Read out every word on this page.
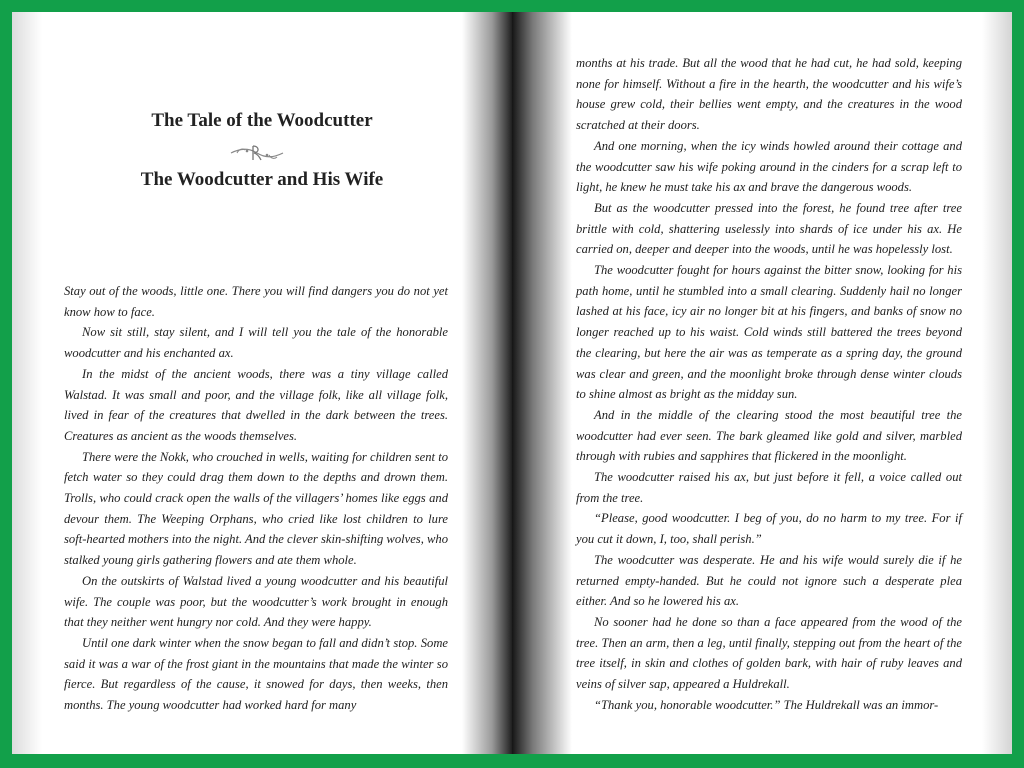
The Tale of the Woodcutter
The Woodcutter and His Wife

Stay out of the woods, little one. There you will find dangers you do not yet know how to face.

Now sit still, stay silent, and I will tell you the tale of the honorable woodcutter and his enchanted ax.

In the midst of the ancient woods, there was a tiny village called Walstad. It was small and poor, and the village folk, like all village folk, lived in fear of the creatures that dwelled in the dark between the trees. Creatures as ancient as the woods themselves.

There were the Nokk, who crouched in wells, waiting for children sent to fetch water so they could drag them down to the depths and drown them. Trolls, who could crack open the walls of the villagers’ homes like eggs and devour them. The Weeping Orphans, who cried like lost children to lure soft-hearted mothers into the night. And the clever skin-shifting wolves, who stalked young girls gathering flowers and ate them whole.

On the outskirts of Walstad lived a young woodcutter and his beautiful wife. The couple was poor, but the woodcutter’s work brought in enough that they neither went hungry nor cold. And they were happy.

Until one dark winter when the snow began to fall and didn’t stop. Some said it was a war of the frost giant in the mountains that made the winter so fierce. But regardless of the cause, it snowed for days, then weeks, then months. The young woodcutter had worked hard for many

months at his trade. But all the wood that he had cut, he had sold, keeping none for himself. Without a fire in the hearth, the woodcutter and his wife’s house grew cold, their bellies went empty, and the creatures in the wood scratched at their doors.

And one morning, when the icy winds howled around their cottage and the woodcutter saw his wife poking around in the cinders for a scrap left to light, he knew he must take his ax and brave the dangerous woods.

But as the woodcutter pressed into the forest, he found tree after tree brittle with cold, shattering uselessly into shards of ice under his ax. He carried on, deeper and deeper into the woods, until he was hopelessly lost.

The woodcutter fought for hours against the bitter snow, looking for his path home, until he stumbled into a small clearing. Suddenly hail no longer lashed at his face, icy air no longer bit at his fingers, and banks of snow no longer reached up to his waist. Cold winds still battered the trees beyond the clearing, but here the air was as temperate as a spring day, the ground was clear and green, and the moonlight broke through dense winter clouds to shine almost as bright as the midday sun.

And in the middle of the clearing stood the most beautiful tree the woodcutter had ever seen. The bark gleamed like gold and silver, marbled through with rubies and sapphires that flickered in the moonlight.

The woodcutter raised his ax, but just before it fell, a voice called out from the tree.

“Please, good woodcutter. I beg of you, do no harm to my tree. For if you cut it down, I, too, shall perish.”

The woodcutter was desperate. He and his wife would surely die if he returned empty-handed. But he could not ignore such a desperate plea either. And so he lowered his ax.

No sooner had he done so than a face appeared from the wood of the tree. Then an arm, then a leg, until finally, stepping out from the heart of the tree itself, in skin and clothes of golden bark, with hair of ruby leaves and veins of silver sap, appeared a Huldrekall.

“Thank you, honorable woodcutter.” The Huldrekall was an immor-
